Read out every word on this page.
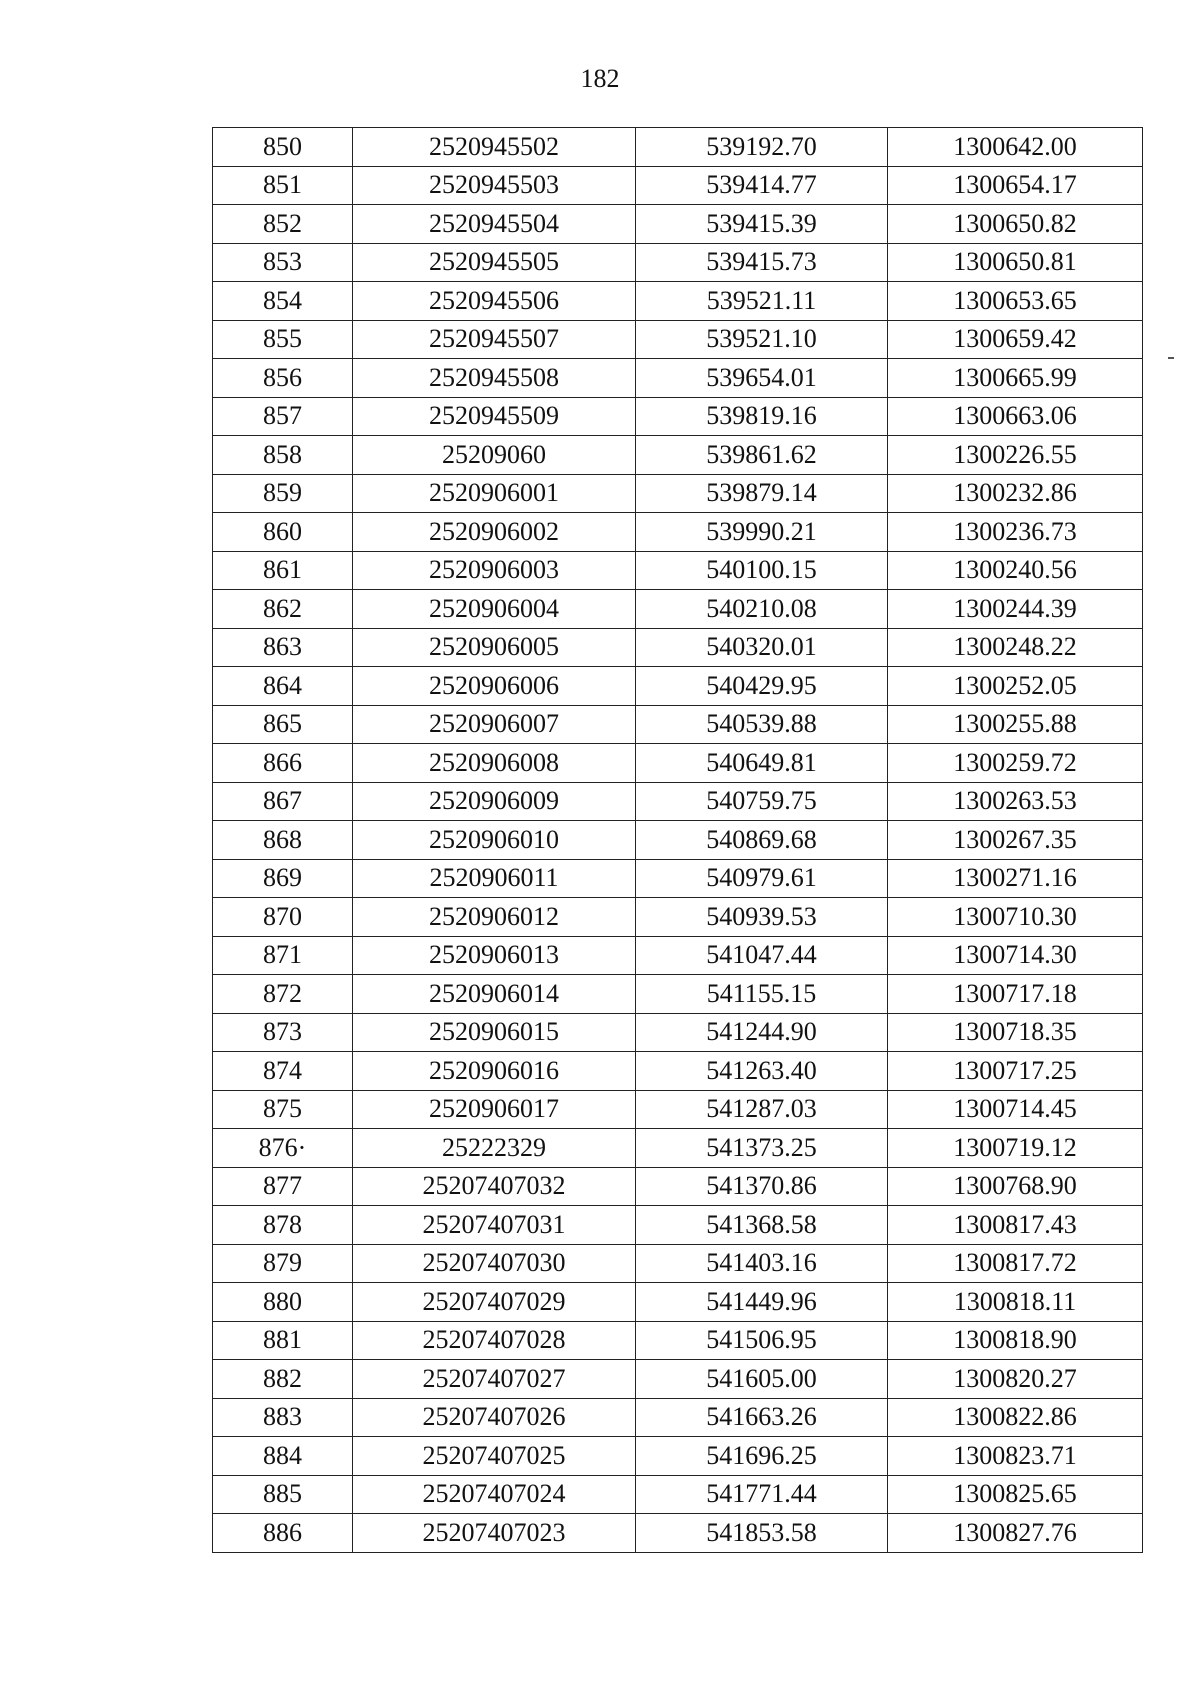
182
850	2520945502	539192.70	1300642.00
851	2520945503	539414.77	1300654.17
852	2520945504	539415.39	1300650.82
853	2520945505	539415.73	1300650.81
854	2520945506	539521.11	1300653.65
855	2520945507	539521.10	1300659.42
856	2520945508	539654.01	1300665.99
857	2520945509	539819.16	1300663.06
858	25209060	539861.62	1300226.55
859	2520906001	539879.14	1300232.86
860	2520906002	539990.21	1300236.73
861	2520906003	540100.15	1300240.56
862	2520906004	540210.08	1300244.39
863	2520906005	540320.01	1300248.22
864	2520906006	540429.95	1300252.05
865	2520906007	540539.88	1300255.88
866	2520906008	540649.81	1300259.72
867	2520906009	540759.75	1300263.53
868	2520906010	540869.68	1300267.35
869	2520906011	540979.61	1300271.16
870	2520906012	540939.53	1300710.30
871	2520906013	541047.44	1300714.30
872	2520906014	541155.15	1300717.18
873	2520906015	541244.90	1300718.35
874	2520906016	541263.40	1300717.25
875	2520906017	541287.03	1300714.45
876·	25222329	541373.25	1300719.12
877	25207407032	541370.86	1300768.90
878	25207407031	541368.58	1300817.43
879	25207407030	541403.16	1300817.72
880	25207407029	541449.96	1300818.11
881	25207407028	541506.95	1300818.90
882	25207407027	541605.00	1300820.27
883	25207407026	541663.26	1300822.86
884	25207407025	541696.25	1300823.71
885	25207407024	541771.44	1300825.65
886	25207407023	541853.58	1300827.76
